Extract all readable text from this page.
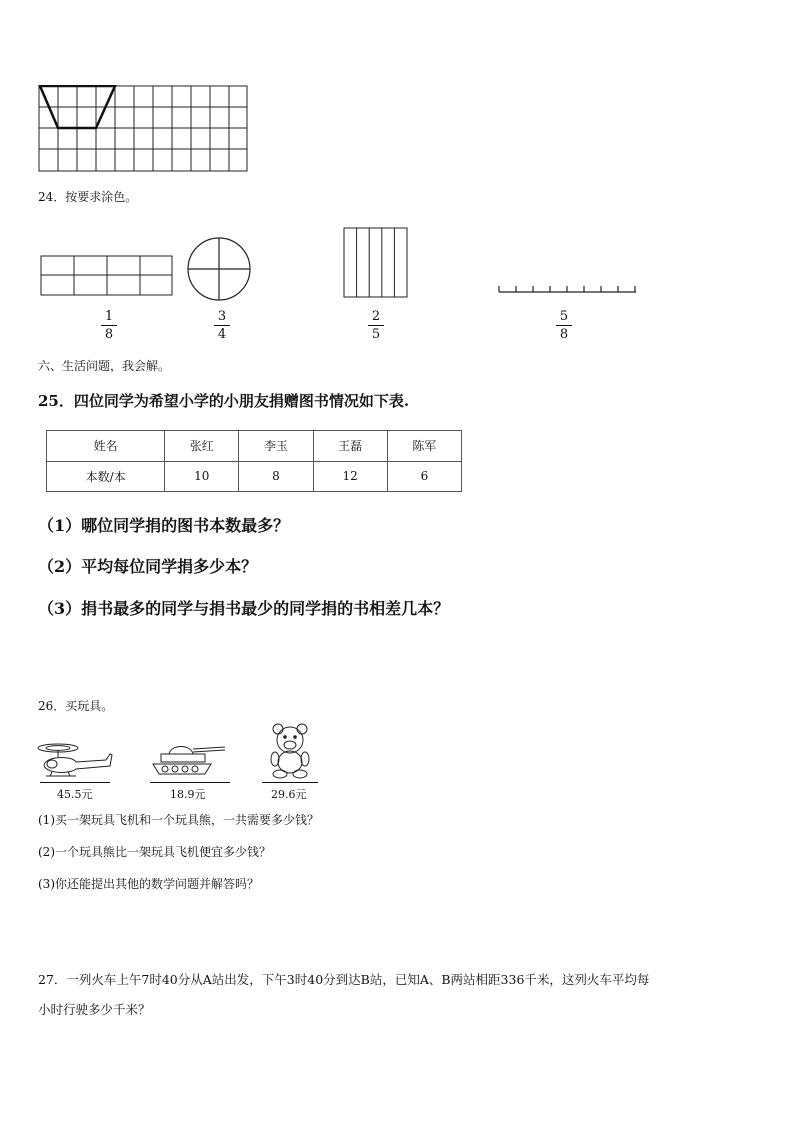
24．按要求涂色。
1
8
3
4
2
5
5
8
六、生活问题，我会解。
25．四位同学为希望小学的小朋友捐赠图书情况如下表.
姓名	张红	李玉	王磊	陈军
本数/本	10	8	12	6
（1）哪位同学捐的图书本数最多？
（2）平均每位同学捐多少本？
（3）捐书最多的同学与捐书最少的同学捐的书相差几本？
26．买玩具。
45.5元	18.9元	29.6元
(1)买一架玩具飞机和一个玩具熊，一共需要多少钱？
(2)一个玩具熊比一架玩具飞机便宜多少钱？
(3)你还能提出其他的数学问题并解答吗？
27．一列火车上午7时40分从A站出发，下午3时40分到达B站，已知A、B两站相距336千米，这列火车平均每
小时行驶多少千米？
